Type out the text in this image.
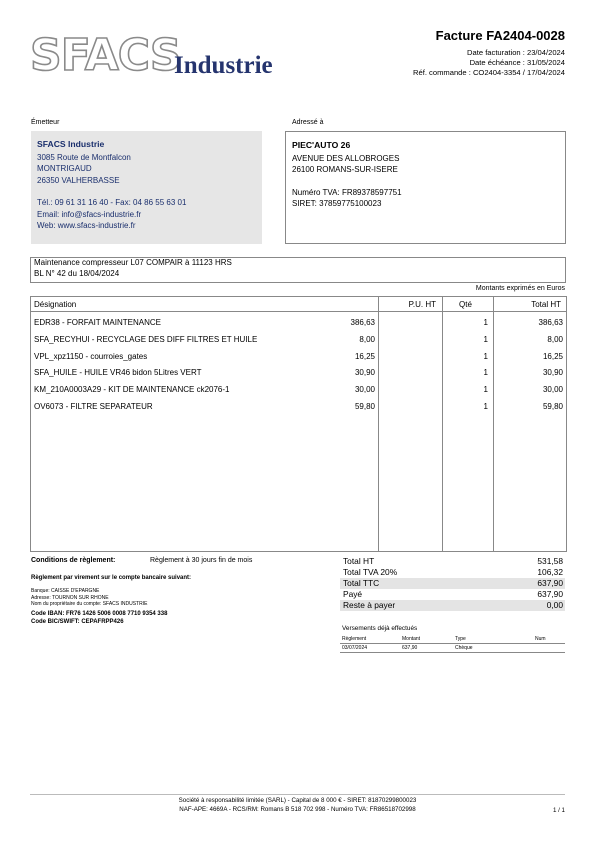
SFACS
Industrie
Facture FA2404-0028
Date facturation : 23/04/2024
Date échéance : 31/05/2024
Réf. commande : CO2404-3354 / 17/04/2024
Émetteur
SFACS Industrie
3085 Route de Montfalcon
MONTRIGAUD
26350 VALHERBASSE
Tél.: 09 61 31 16 40 - Fax: 04 86 55 63 01
Email: info@sfacs-industrie.fr
Web: www.sfacs-industrie.fr
Adressé à
PIEC'AUTO 26
AVENUE DES ALLOBROGES
26100 ROMANS-SUR-ISERE
Numéro TVA: FR89378597751
SIRET: 37859775100023
Maintenance compresseur L07 COMPAIR à 11123 HRS
BL N° 42 du 18/04/2024
Montants exprimés en Euros
Désignation	P.U. HT	Qté	Total HT
EDR38 - FORFAIT MAINTENANCE	386,63	1	386,63
SFA_RECYHUI - RECYCLAGE DES DIFF FILTRES ET HUILE	8,00	1	8,00
VPL_xpz1150 - courroies_gates	16,25	1	16,25
SFA_HUILE - HUILE VR46 bidon 5Litres VERT	30,90	1	30,90
KM_210A0003A29 - KIT DE MAINTENANCE ck2076-1	30,00	1	30,00
OV6073 - FILTRE SEPARATEUR	59,80	1	59,80
Conditions de règlement:	Règlement à 30 jours fin de mois
Règlement par virement sur le compte bancaire suivant:
Banque: CAISSE D'EPARGNE
Adresse: TOURNON SUR RHONE
Nom du propriétaire du compte: SFACS INDUSTRIE
Code IBAN: FR76 1426 5006 0008 7710 9354 338
Code BIC/SWIFT: CEPAFRPP426
Total HT	531,58
Total TVA 20%	106,32
Total TTC	637,90
Payé	637,90
Reste à payer	0,00
Versements déjà effectués
Règlement	Montant	Type	Num
03/07/2024	637,90	Chèque
Société à responsabilité limitée (SARL) - Capital de 8 000 € - SIRET: 81870299800023
NAF-APE: 4669A - RCS/RM: Romans B 518 702 998 - Numéro TVA: FR86518702998	1 / 1
